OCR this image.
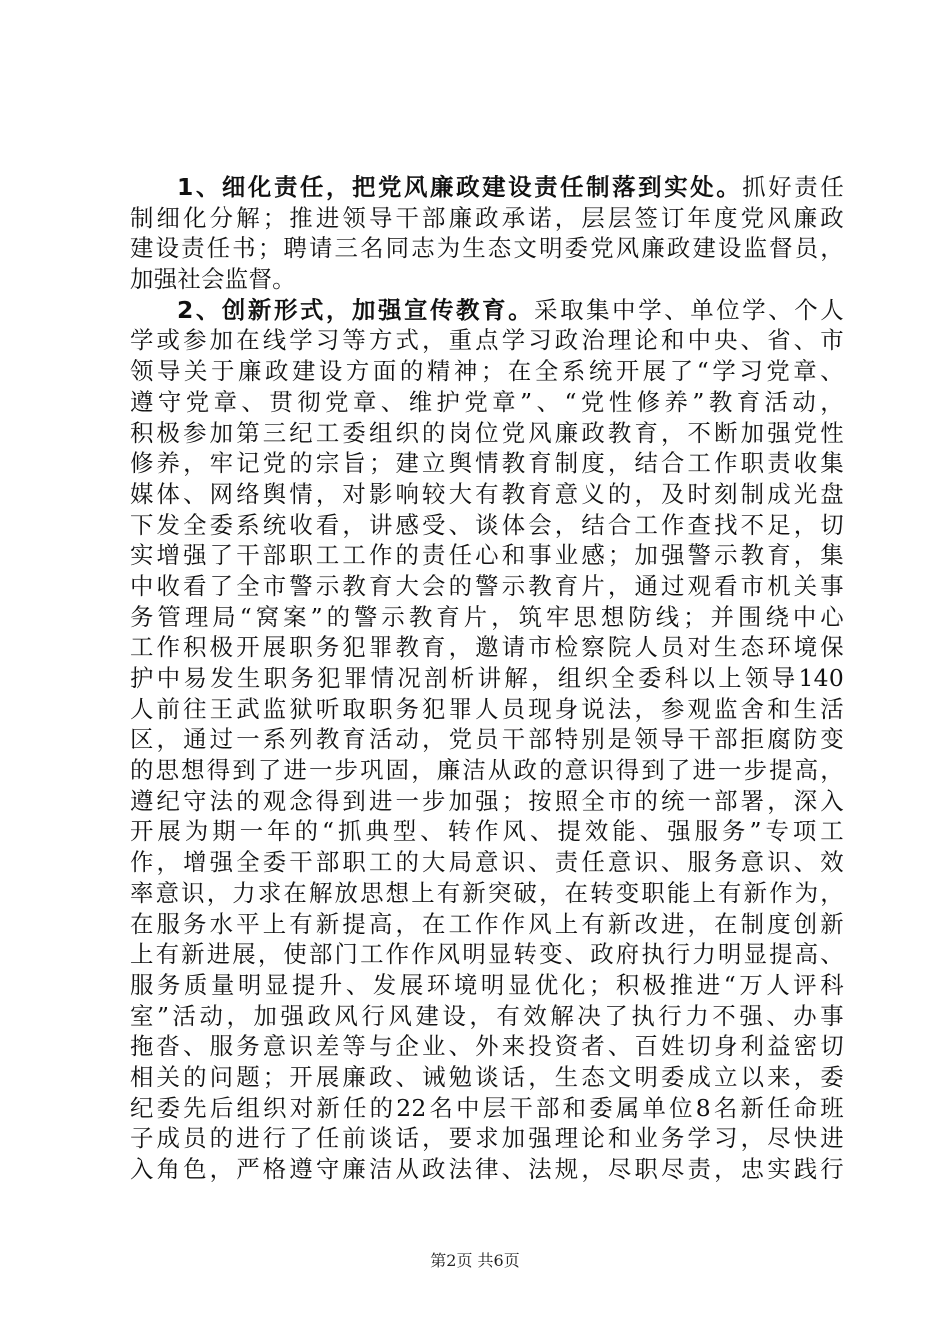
1、细化责任，把党风廉政建设责任制落到实处。抓好责任
制细化分解；推进领导干部廉政承诺，层层签订年度党风廉政
建设责任书；聘请三名同志为生态文明委党风廉政建设监督员，
加强社会监督。
2、创新形式，加强宣传教育。采取集中学、单位学、个人
学或参加在线学习等方式，重点学习政治理论和中央、省、市
领导关于廉政建设方面的精神；在全系统开展了“学习党章、
遵守党章、贯彻党章、维护党章”、“党性修养”教育活动，
积极参加第三纪工委组织的岗位党风廉政教育，不断加强党性
修养，牢记党的宗旨；建立舆情教育制度，结合工作职责收集
媒体、网络舆情，对影响较大有教育意义的，及时刻制成光盘
下发全委系统收看，讲感受、谈体会，结合工作查找不足，切
实增强了干部职工工作的责任心和事业感；加强警示教育，集
中收看了全市警示教育大会的警示教育片，通过观看市机关事
务管理局“窝案”的警示教育片，筑牢思想防线；并围绕中心
工作积极开展职务犯罪教育，邀请市检察院人员对生态环境保
护中易发生职务犯罪情况剖析讲解，组织全委科以上领导140
人前往王武监狱听取职务犯罪人员现身说法，参观监舍和生活
区，通过一系列教育活动，党员干部特别是领导干部拒腐防变
的思想得到了进一步巩固，廉洁从政的意识得到了进一步提高，
遵纪守法的观念得到进一步加强；按照全市的统一部署，深入
开展为期一年的“抓典型、转作风、提效能、强服务”专项工
作，增强全委干部职工的大局意识、责任意识、服务意识、效
率意识，力求在解放思想上有新突破，在转变职能上有新作为，
在服务水平上有新提高，在工作作风上有新改进，在制度创新
上有新进展，使部门工作作风明显转变、政府执行力明显提高、
服务质量明显提升、发展环境明显优化；积极推进“万人评科
室”活动，加强政风行风建设，有效解决了执行力不强、办事
拖沓、服务意识差等与企业、外来投资者、百姓切身利益密切
相关的问题；开展廉政、诫勉谈话，生态文明委成立以来，委
纪委先后组织对新任的22名中层干部和委属单位8名新任命班
子成员的进行了任前谈话，要求加强理论和业务学习，尽快进
入角色，严格遵守廉洁从政法律、法规，尽职尽责，忠实践行
第2页 共6页
